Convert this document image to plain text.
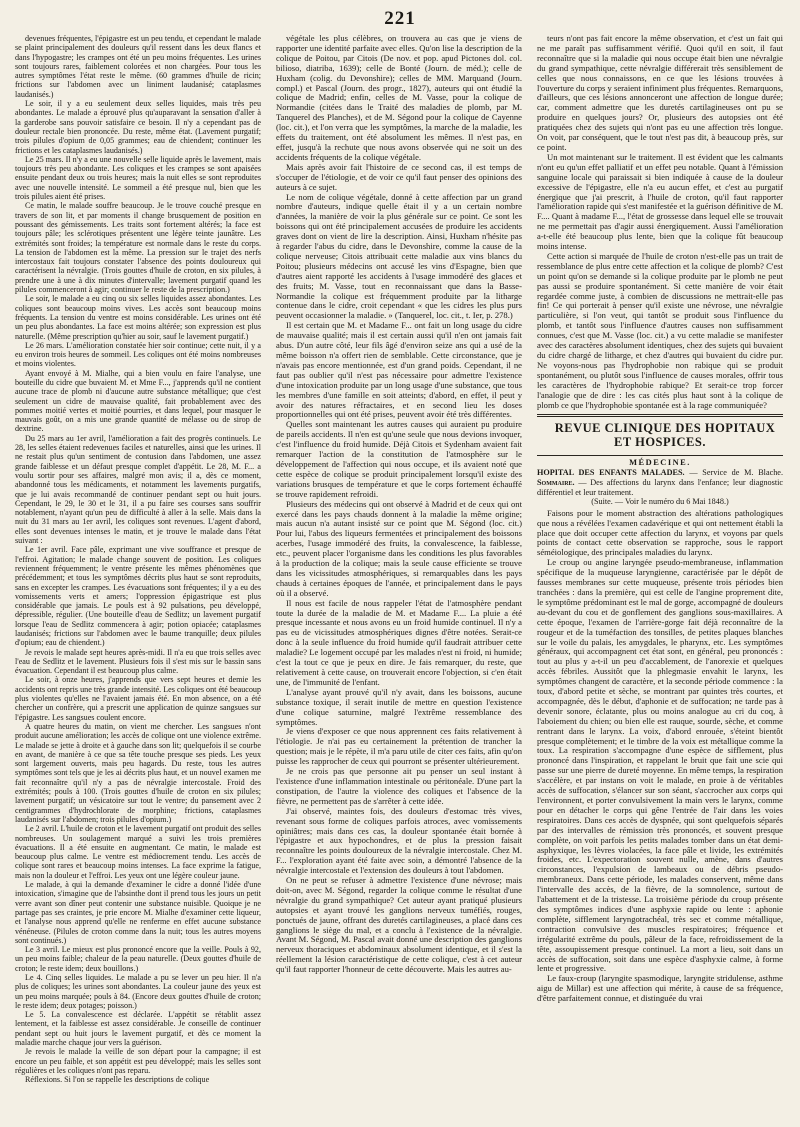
221

devenues fréquentes, l'épigastre est un peu tendu, et cependant le malade se plaint principalement des douleurs qu'il ressent dans les deux flancs et dans l'hypogastre; les crampes ont été un peu moins fréquentes. Les urines sont toujours rares, faiblement colorées et non chargées. Pour tous les autres symptômes l'état reste le même. (60 grammes d'huile de ricin; frictions sur l'abdomen avec un liniment laudanisé; cataplasmes laudanisés.)

Le soir, il y a eu seulement deux selles liquides, mais très peu abondantes. Le malade a éprouvé plus qu'auparavant la sensation d'aller à la garderobe sans pouvoir satisfaire ce besoin. Il n'y a cependant pas de douleur rectale bien prononcée. Du reste, même état. (Lavement purgatif; trois pilules d'opium de 0,05 grammes; eau de chiendent; continuer les frictions et les cataplasmes laudanisés.)

Le 25 mars. Il n'y a eu une nouvelle selle liquide après le lavement, mais toujours très peu abondante. Les coliques et les crampes se sont apaisées ensuite pendant deux ou trois heures; mais la nuit elles se sont reproduites avec une nouvelle intensité. Le sommeil a été presque nul, bien que les trois pilules aient été prises.

Ce matin, le malade souffre beaucoup. Je le trouve couché presque en travers de son lit, et par moments il change brusquement de position en poussant des gémissements. Les traits sont fortement altérés; la face est toujours pâle; les sclérotiques présentent une légère teinte jaunâtre. Les extrémités sont froides; la température est normale dans le reste du corps. La tension de l'abdomen est la même. La pression sur le trajet des nerfs intercostaux fait toujours constater l'absence des points douloureux qui caractérisent la névralgie. (Trois gouttes d'huile de croton, en six pilules, à prendre une à une à dix minutes d'intervalle; lavement purgatif quand les pilules commenceront à agir; continuer le reste de la prescription.)

Le soir, le malade a eu cinq ou six selles liquides assez abondantes. Les coliques sont beaucoup moins vives. Les accès sont beaucoup moins fréquents. La tension du ventre est moins considérable. Les urines ont été un peu plus abondantes. La face est moins altérée; son expression est plus naturelle. (Même prescription qu'hier au soir, sauf le lavement purgatif.)

Le 26 mars. L'amélioration constatée hier soir continue; cette nuit, il y a eu environ trois heures de sommeil. Les coliques ont été moins nombreuses et moins violentes.

Ayant envoyé à M. Mialhe, qui a bien voulu en faire l'analyse, une bouteille du cidre que buvaient M. et Mme F..., j'apprends qu'il ne contient aucune trace de plomb ni d'aucune autre substance métallique; que c'est seulement un cidre de mauvaise qualité, fait probablement avec des pommes moitié vertes et moitié pourries, et dans lequel, pour masquer le mauvais goût, on a mis une grande quantité de mélasse ou de sirop de dextrine.

Du 25 mars au 1er avril, l'amélioration a fait des progrès continuels. Le 28, les selles étaient redevenues faciles et naturelles, ainsi que les urines. Il ne restait plus qu'un sentiment de contusion dans l'abdomen, une assez grande faiblesse et un défaut presque complet d'appétit. Le 28, M. F... a voulu sortir pour ses affaires, malgré mon avis; il a, dès ce moment, abandonné tous les médicaments, et notamment les lavements purgatifs, que je lui avais recommandé de continuer pendant sept ou huit jours. Cependant, le 29, le 30 et le 31, il a pu faire ses courses sans souffrir notablement, n'ayant qu'un peu de difficulté à aller à la selle. Mais dans la nuit du 31 mars au 1er avril, les coliques sont revenues. L'agent d'abord, elles sont devenues intenses le matin, et je trouve le malade dans l'état suivant :

Le 1er avril. Face pâle, exprimant une vive souffrance et presque de l'effroi. Agitation; le malade change souvent de position. Les coliques reviennent fréquemment; le ventre présente les mêmes phénomènes que précédemment; et tous les symptômes décrits plus haut se sont reproduits, sans en excepter les crampes. Les évacuations sont fréquentes; il y a eu des vomissements verts et amers; l'oppression épigastrique est plus considérable que jamais. Le pouls est à 92 pulsations, peu développé, dépressible, régulier. (Une bouteille d'eau de Sedlitz; un lavement purgatif lorsque l'eau de Sedlitz commencera à agir; potion opiacée; cataplasmes laudanisés; frictions sur l'abdomen avec le baume tranquille; deux pilules d'opium; eau de chiendent.)

Je revois le malade sept heures après-midi. Il n'a eu que trois selles avec l'eau de Sedlitz et le lavement. Plusieurs fois il s'est mis sur le bassin sans évacuation. Cependant il est beaucoup plus calme.

Le soir, à onze heures, j'apprends que vers sept heures et demie les accidents ont repris une très grande intensité. Les coliques ont été beaucoup plus violentes qu'elles ne l'avaient jamais été. En mon absence, on a été chercher un confrère, qui a prescrit une application de quinze sangsues sur l'épigastre. Les sangsues coulent encore.

A quatre heures du matin, on vient me chercher. Les sangsues n'ont produit aucune amélioration; les accès de colique ont une violence extrême. Le malade se jette à droite et à gauche dans son lit; quelquefois il se courbe en avant, de manière à ce que sa tête touche presque ses pieds. Les yeux sont largement ouverts, mais peu hagards. Du reste, tous les autres symptômes sont tels que je les ai décrits plus haut, et un nouvel examen me fait reconnaître qu'il n'y a pas de névralgie intercostale. Froid des extrémités; pouls à 100. (Trois gouttes d'huile de croton en six pilules; lavement purgatif; un vésicatoire sur tout le ventre; du pansement avec 2 centigrammes d'hydrochlorate de morphine; frictions, cataplasmes laudanisés sur l'abdomen; trois pilules d'opium.)

Le 2 avril. L'huile de croton et le lavement purgatif ont produit des selles nombreuses. Un soulagement marqué a suivi les trois premières évacuations. Il a été ensuite en augmentant. Ce matin, le malade est beaucoup plus calme. Le ventre est médiocrement tendu. Les accès de colique sont rares et beaucoup moins intenses. La face exprime la fatigue, mais non la douleur et l'effroi. Les yeux ont une légère couleur jaune.

Le malade, à qui la demande d'examiner le cidre a donné l'idée d'une intoxication, s'imagine que de l'absinthe dont il prend tous les jours un petit verre avant son dîner peut contenir une substance nuisible. Quoique je ne partage pas ses craintes, je prie encore M. Mialhe d'examiner cette liqueur, et l'analyse nous apprend qu'elle ne renferme en effet aucune substance vénéneuse. (Pilules de croton comme dans la nuit; tous les autres moyens sont continués.)

Le 3 avril. Le mieux est plus prononcé encore que la veille. Pouls à 92, un peu moins faible; chaleur de la peau naturelle. (Deux gouttes d'huile de croton; le reste idem; deux bouillons.)

Le 4. Cinq selles liquides. Le malade a pu se lever un peu hier. Il n'a plus de coliques; les urines sont abondantes. La couleur jaune des yeux est un peu moins marquée; pouls à 84. (Encore deux gouttes d'huile de croton; le reste idem; deux potages; poisson.)

Le 5. La convalescence est déclarée. L'appétit se rétablit assez lentement, et la faiblesse est assez considérable. Je conseille de continuer pendant sept ou huit jours le lavement purgatif, et dès ce moment la maladie marche chaque jour vers la guérison.

Je revois le malade la veille de son départ pour la campagne; il est encore un peu faible, et son appétit est peu développé; mais les selles sont régulières et les coliques n'ont pas reparu.

Réflexions. Si l'on se rappelle les descriptions de colique

végétale les plus célèbres, on trouvera au cas que je viens de rapporter une identité parfaite avec elles. Qu'on lise la description de la colique de Poitou, par Citois (De nov. et pop. apud Pictones dol. col. bilioso, diatriba, 1639); celle de Bonté (Journ. de méd.); celle de Huxham (colig. du Devonshire); celles de MM. Marquand (Journ. compl.) et Pascal (Journ. des progr., 1827), auteurs qui ont étudié la colique de Madrid; enfin, celles de M. Vasse, pour la colique de Normandie (citées dans le Traité des maladies de plomb, par M. Tanquerel des Planches), et de M. Ségond pour la colique de Cayenne (loc. cit.), et l'on verra que les symptômes, la marche de la maladie, les effets du traitement, ont été absolument les mêmes. Il n'est pas, en effet, jusqu'à la rechute que nous avons observée qui ne soit un des accidents fréquents de la colique végétale.

Mais après avoir fait l'histoire de ce second cas, il est temps de s'occuper de l'étiologie, et de voir ce qu'il faut penser des opinions des auteurs à ce sujet.

Le nom de colique végétale, donné à cette affection par un grand nombre d'auteurs, indique quelle était il y a un certain nombre d'années, la manière de voir la plus générale sur ce point. Ce sont les boissons qui ont été principalement accusées de produire les accidents graves dont on vient de lire la description. Ainsi, Huxham n'hésite pas à regarder l'abus du cidre, dans le Devonshire, comme la cause de la colique nerveuse; Citois attribuait cette maladie aux vins blancs du Poitou; plusieurs médecins ont accusé les vins d'Espagne, bien que d'autres aient rapporté les accidents à l'usage immodéré des glaces et des fruits; M. Vasse, tout en reconnaissant que dans la Basse-Normandie la colique est fréquemment produite par la litharge contenue dans le cidre, croit cependant « que les cidres les plus purs peuvent occasionner la maladie. » (Tanquerel, loc. cit., t. Ier, p. 278.)

Il est certain que M. et Madame F... ont fait un long usage du cidre de mauvaise qualité; mais il est certain aussi qu'il n'en ont jamais fait abus. D'un autre côté, leur fils âgé d'environ seize ans qui a usé de la même boisson n'a offert rien de semblable. Cette circonstance, que je n'avais pas encore mentionnée, est d'un grand poids. Cependant, il ne faut pas oublier qu'il n'est pas nécessaire pour admettre l'existence d'une intoxication produite par un long usage d'une substance, que tous les membres d'une famille en soit atteints; d'abord, en effet, il peut y avoir des natures réfractaires, et en second lieu les doses proportionnelles qui ont été prises, peuvent avoir été très différentes.

Quelles sont maintenant les autres causes qui auraient pu produire de pareils accidents. Il n'en est qu'une seule que nous devions invoquer, c'est l'influence du froid humide. Déjà Citois et Sydenham avaient fait remarquer l'action de la constitution de l'atmosphère sur le développement de l'affection qui nous occupe, et ils avaient noté que cette espèce de colique se produit principalement lorsqu'il existe des variations brusques de température et que le corps fortement échauffé se trouve rapidement refroidi.

Plusieurs des médecins qui ont observé à Madrid et de ceux qui ont exercé dans les pays chauds donnent à la maladie la même origine; mais aucun n'a autant insisté sur ce point que M. Ségond (loc. cit.) Pour lui, l'abus des liqueurs fermentées et principalement des boissons acerbes, l'usage immodéré des fruits, la convalescence, la faiblesse, etc., peuvent placer l'organisme dans les conditions les plus favorables à la production de la colique; mais la seule cause efficiente se trouve dans les vicissitudes atmosphériques, si remarquables dans les pays chauds à certaines époques de l'année, et principalement dans le pays où il a observé.

Il nous est facile de nous rappeler l'état de l'atmosphère pendant toute la durée de la maladie de M. et Madame F.... La pluie a été presque incessante et nous avons eu un froid humide continuel. Il n'y a pas eu de vicissitudes atmosphériques dignes d'être notées. Serait-ce donc à la seule influence du froid humide qu'il faudrait attribuer cette maladie? Le logement occupé par les malades n'est ni froid, ni humide; c'est la tout ce que je peux en dire. Je fais remarquer, du reste, que relativement à cette cause, on trouverait encore l'objection, si c'en était une, de l'immunité de l'enfant.

L'analyse ayant prouvé qu'il n'y avait, dans les boissons, aucune substance toxique, il serait inutile de mettre en question l'existence d'une colique saturnine, malgré l'extrême ressemblance des symptômes.

Je viens d'exposer ce que nous apprennent ces faits relativement à l'étiologie. Je n'ai pas eu certainement la prétention de trancher la question; mais je le répète, il m'a paru utile de citer ces faits, afin qu'on puisse les rapprocher de ceux qui pourront se présenter ultérieurement.

Je ne crois pas que personne ait pu penser un seul instant à l'existence d'une inflammation intestinale ou péritonéale. D'une part la constipation, de l'autre la violence des coliques et l'absence de la fièvre, ne permettent pas de s'arrêter à cette idée.

J'ai observé, maintes fois, des douleurs d'estomac très vives, revenant sous forme de coliques parfois atroces, avec vomissements opiniâtres; mais dans ces cas, la douleur spontanée était bornée à l'épigastre et aux hypochondres, et de plus la pression faisait reconnaître les points douloureux de la névralgie intercostale. Chez M. F... l'exploration ayant été faite avec soin, a démontré l'absence de la névralgie intercostale et l'extension des douleurs à tout l'abdomen.

On ne peut se refuser à admettre l'existence d'une névrose; mais doit-on, avec M. Ségond, regarder la colique comme le résultat d'une névralgie du grand sympathique? Cet auteur ayant pratiqué plusieurs autopsies et ayant trouvé les ganglions nerveux tuméfiés, rouges, ponctués de jaune, offrant des duretés cartilagineuses, a placé dans ces ganglions le siège du mal, et a conclu à l'existence de la névralgie. Avant M. Ségond, M. Pascal avait donné une description des ganglions nerveux thoraciques et abdominaux absolument identique, et il s'est la réellement la lésion caractéristique de cette colique, c'est à cet auteur qu'il faut rapporter l'honneur de cette découverte. Mais les autres au-

teurs n'ont pas fait encore la même observation, et c'est un fait qui ne me paraît pas suffisamment vérifié. Quoi qu'il en soit, il faut reconnaître que si la maladie qui nous occupe était bien une névralgie du grand sympathique, cette névralgie différerait très sensiblement de celles que nous connaissons, en ce que les lésions trouvées à l'ouverture du corps y seraient infiniment plus fréquentes. Remarquons, d'ailleurs, que ces lésions annonceront une affection de longue durée; car, comment admettre que les duretés cartilagineuses ont pu se produire en quelques jours? Or, plusieurs des autopsies ont été pratiquées chez des sujets qui n'ont pas eu une affection très longue. On voit, par conséquent, que le tout n'est pas dit, à beaucoup près, sur ce point.

Un mot maintenant sur le traitement. Il est évident que les calmants n'ont eu qu'un effet palliatif et un effet peu notable. Quant à l'émission sanguine locale qui paraissait si bien indiquée à cause de la douleur excessive de l'épigastre, elle n'a eu aucun effet, et c'est au purgatif énergique que j'ai prescrit, à l'huile de croton, qu'il faut rapporter l'amélioration rapide qui s'est manifestée et la guérison définitive de M. F.... Quant à madame F..., l'état de grossesse dans lequel elle se trouvait ne me permettait pas d'agir aussi énergiquement. Aussi l'amélioration a-t-elle été beaucoup plus lente, bien que la colique fût beaucoup moins intense.

Cette action si marquée de l'huile de croton n'est-elle pas un trait de ressemblance de plus entre cette affection et la colique de plomb? C'est un point qu'on se demande si la colique produite par le plomb ne peut pas aussi se produire spontanément. Si cette manière de voir était regardée comme juste, à combien de discussions ne mettrait-elle pas fin! Ce qui porterait à penser qu'il existe une névrose, une névralgie particulière, si l'on veut, qui tantôt se produit sous l'influence du plomb, et tantôt sous l'influence d'autres causes non suffisamment connues, c'est que M. Vasse (loc. cit.) a vu cette maladie se manifester avec des caractères absolument identiques, chez des sujets qui buvaient du cidre chargé de litharge, et chez d'autres qui buvaient du cidre pur. Ne voyons-nous pas l'hydrophobie non rabique qui se produit spontanément, ou plutôt sous l'influence de causes morales, offrir tous les caractères de l'hydrophobie rabique? Et serait-ce trop forcer l'analogie que de dire : les cas cités plus haut sont à la colique de plomb ce que l'hydrophobie spontanée est à la rage communiquée?

REVUE CLINIQUE DES HOPITAUX ET HOSPICES.

MÉDECINE.

HOPITAL DES ENFANTS MALADES. — Service de M. Blache. Sommaire. — Des affections du larynx dans l'enfance; leur diagnostic différentiel et leur traitement.

(Suite. — Voir le numéro du 6 Mai 1848.)

Faisons pour le moment abstraction des altérations pathologiques que nous a révélées l'examen cadavérique et qui ont nettement établi la place que doit occuper cette affection du larynx, et voyons par quels points de contact cette observation se rapproche, sous le rapport séméiologique, des principales maladies du larynx.

Le croup ou angine laryngée pseudo-membraneuse, inflammation spécifique de la muqueuse laryngienne, caractérisée par le dépôt de fausses membranes sur cette muqueuse, présente trois périodes bien tranchées : dans la première, qui est celle de l'angine proprement dite, le symptôme prédominant est le mal de gorge, accompagné de douleurs au-devant du cou et de gonflement des ganglions sous-maxillaires. A cette époque, l'examen de l'arrière-gorge fait déjà reconnaître de la rougeur et de la tuméfaction des tonsilles, de petites plaques blanches sur le voile du palais, les amygdales, le pharynx, etc. Les symptômes généraux, qui accompagnent cet état sont, en général, peu prononcés : tout au plus y a-t-il un peu d'accablement, de l'anorexie et quelques accès fébriles. Aussitôt que la phlegmasie envahit le larynx, les symptômes changent de caractère, et la seconde période commence : la toux, d'abord petite et sèche, se montrant par quintes très courtes, et accompagnée, dès le début, d'aphonie et de suffocation; ne tarde pas à devenir sonore, éclatante, plus ou moins analogue au cri du coq, à l'aboiement du chien; ou bien elle est rauque, sourde, sèche, et comme rentrant dans le larynx. La voix, d'abord enrouée, s'éteint bientôt presque complètement; et le timbre de la voix est métallique comme la toux. La respiration s'accompagne d'une espèce de sifflement, plus prononcé dans l'inspiration, et rappelant le bruit que fait une scie qui passe sur une pierre de dureté moyenne. En même temps, la respiration s'accélère, et par instans on voit le malade, en proie à de véritables accès de suffocation, s'élancer sur son séant, s'accrocher aux corps qui l'environnent, et porter convulsivement la main vers le larynx, comme pour en détacher le corps qui gêne l'entrée de l'air dans les voies respiratoires. Dans ces accès de dyspnée, qui sont quelquefois séparés par des intervalles de rémission très prononcés, et souvent presque complète, on voit parfois les petits malades tomber dans un état demi-asphyxique, les lèvres violacées, la face pâle et livide, les extrémités froides, etc. L'expectoration souvent nulle, amène, dans d'autres circonstances, l'expulsion de lambeaux ou de débris pseudo-membraneux. Dans cette période, les malades conservent, même dans l'intervalle des accès, de la fièvre, de la somnolence, surtout de l'abattement et de la tristesse. La troisième période du croup présente des symptômes indices d'une asphyxie rapide ou lente : aphonie complète, sifflement laryngotrachéal, très sec et comme métallique, contraction convulsive des muscles respiratoires; fréquence et irrégularité extrême du pouls, pâleur de la face, refroidissement de la tête, assoupissement presque continuel. La mort a lieu, soit dans un accès de suffocation, soit dans une espèce d'asphyxie calme, à forme lente et progressive.

Le faux-croup (laryngite spasmodique, laryngite stridulense, asthme aigu de Millar) est une affection qui mérite, à cause de sa fréquence, d'être parfaitement connue, et distinguée du vrai
